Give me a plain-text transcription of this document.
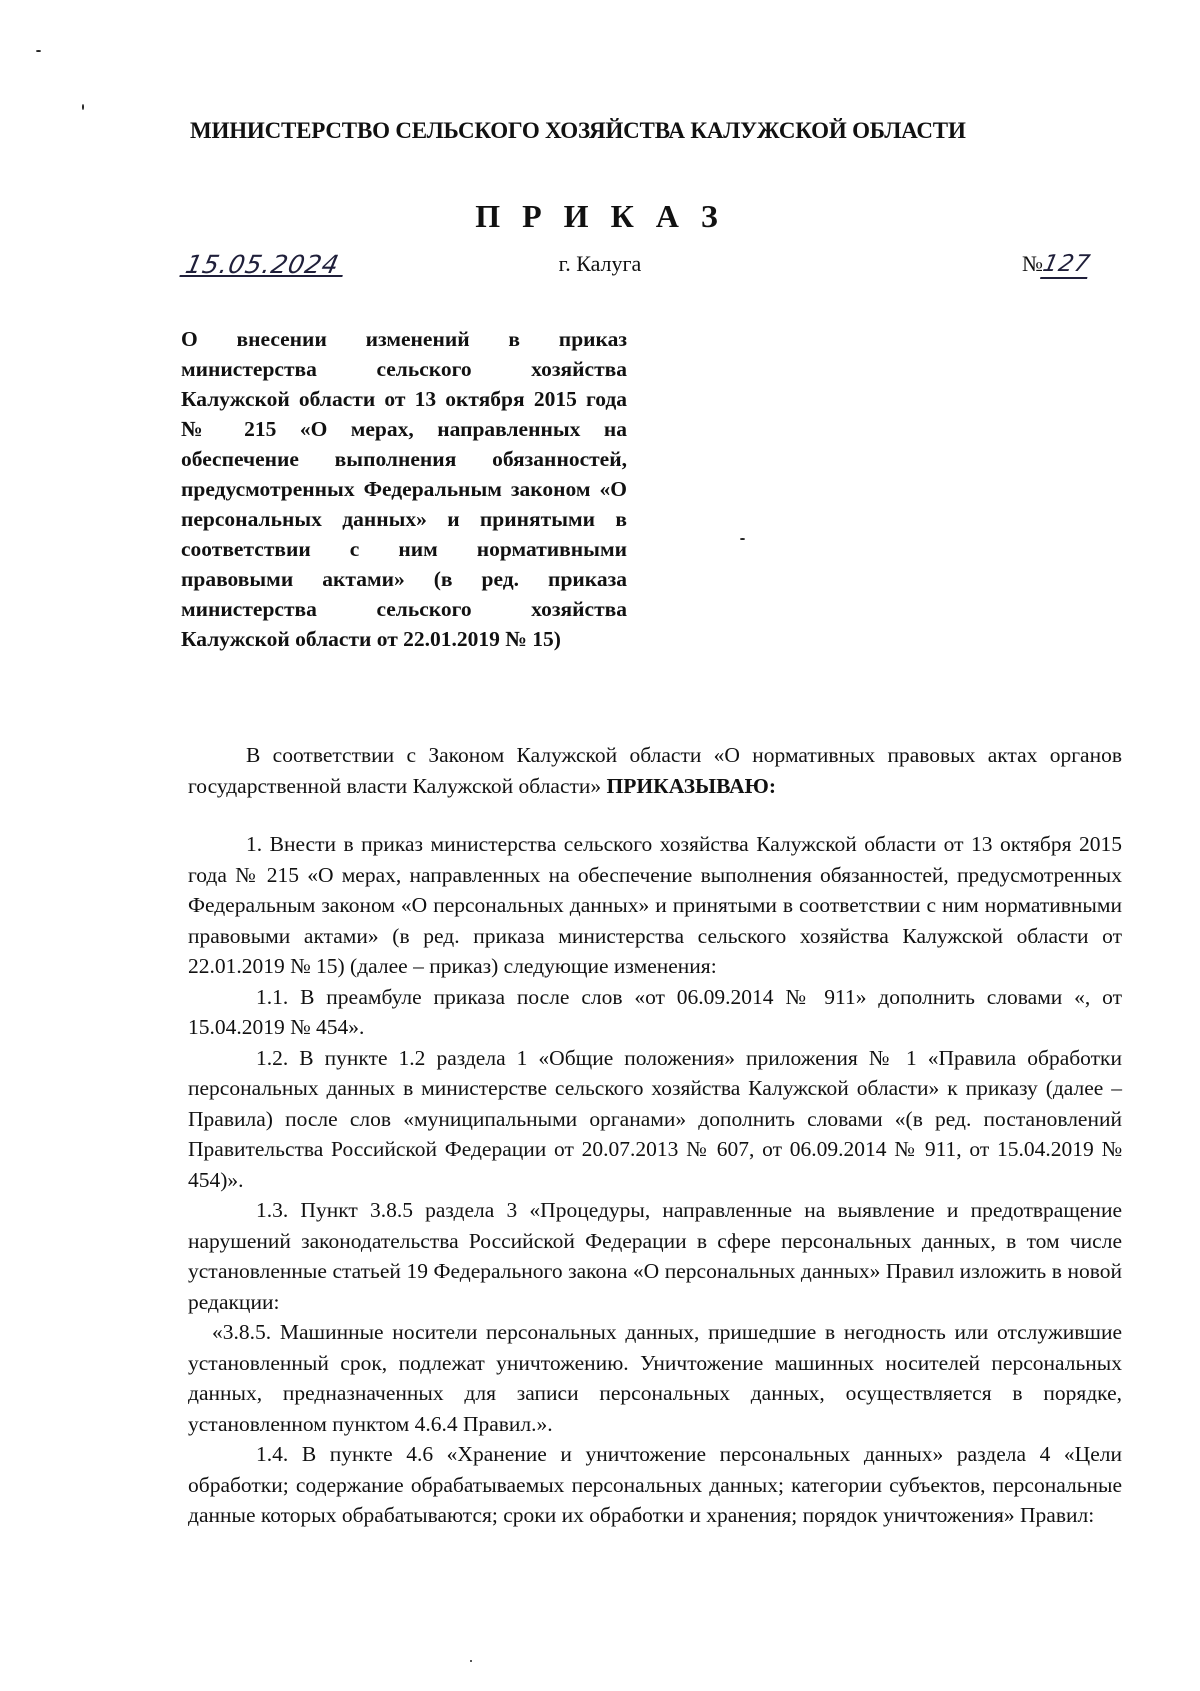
МИНИСТЕРСТВО СЕЛЬСКОГО ХОЗЯЙСТВА КАЛУЖСКОЙ ОБЛАСТИ
П Р И К А З
15.05.2024	г. Калуга	№127
О внесении изменений в приказ министерства сельского хозяйства Калужской области от 13 октября 2015 года № 215 «О мерах, направленных на обеспечение выполнения обязанностей, предусмотренных Федеральным законом «О персональных данных» и принятыми в соответствии с ним нормативными правовыми актами» (в ред. приказа министерства сельского хозяйства Калужской области от 22.01.2019 № 15)

В соответствии с Законом Калужской области «О нормативных правовых актах органов государственной власти Калужской области» ПРИКАЗЫВАЮ:

1. Внести в приказ министерства сельского хозяйства Калужской области от 13 октября 2015 года № 215 «О мерах, направленных на обеспечение выполнения обязанностей, предусмотренных Федеральным законом «О персональных данных» и принятыми в соответствии с ним нормативными правовыми актами» (в ред. приказа министерства сельского хозяйства Калужской области от 22.01.2019 № 15) (далее – приказ) следующие изменения:

1.1. В преамбуле приказа после слов «от 06.09.2014 № 911» дополнить словами «, от 15.04.2019 № 454».

1.2. В пункте 1.2 раздела 1 «Общие положения» приложения № 1 «Правила обработки персональных данных в министерстве сельского хозяйства Калужской области» к приказу (далее – Правила) после слов «муниципальными органами» дополнить словами «(в ред. постановлений Правительства Российской Федерации от 20.07.2013 № 607, от 06.09.2014 № 911, от 15.04.2019 № 454)».

1.3. Пункт 3.8.5 раздела 3 «Процедуры, направленные на выявление и предотвращение нарушений законодательства Российской Федерации в сфере персональных данных, в том числе установленные статьей 19 Федерального закона «О персональных данных» Правил изложить в новой редакции:

«3.8.5. Машинные носители персональных данных, пришедшие в негодность или отслужившие установленный срок, подлежат уничтожению. Уничтожение машинных носителей персональных данных, предназначенных для записи персональных данных, осуществляется в порядке, установленном пунктом 4.6.4 Правил.».

1.4. В пункте 4.6 «Хранение и уничтожение персональных данных» раздела 4 «Цели обработки; содержание обрабатываемых персональных данных; категории субъектов, персональные данные которых обрабатываются; сроки их обработки и хранения; порядок уничтожения» Правил:
